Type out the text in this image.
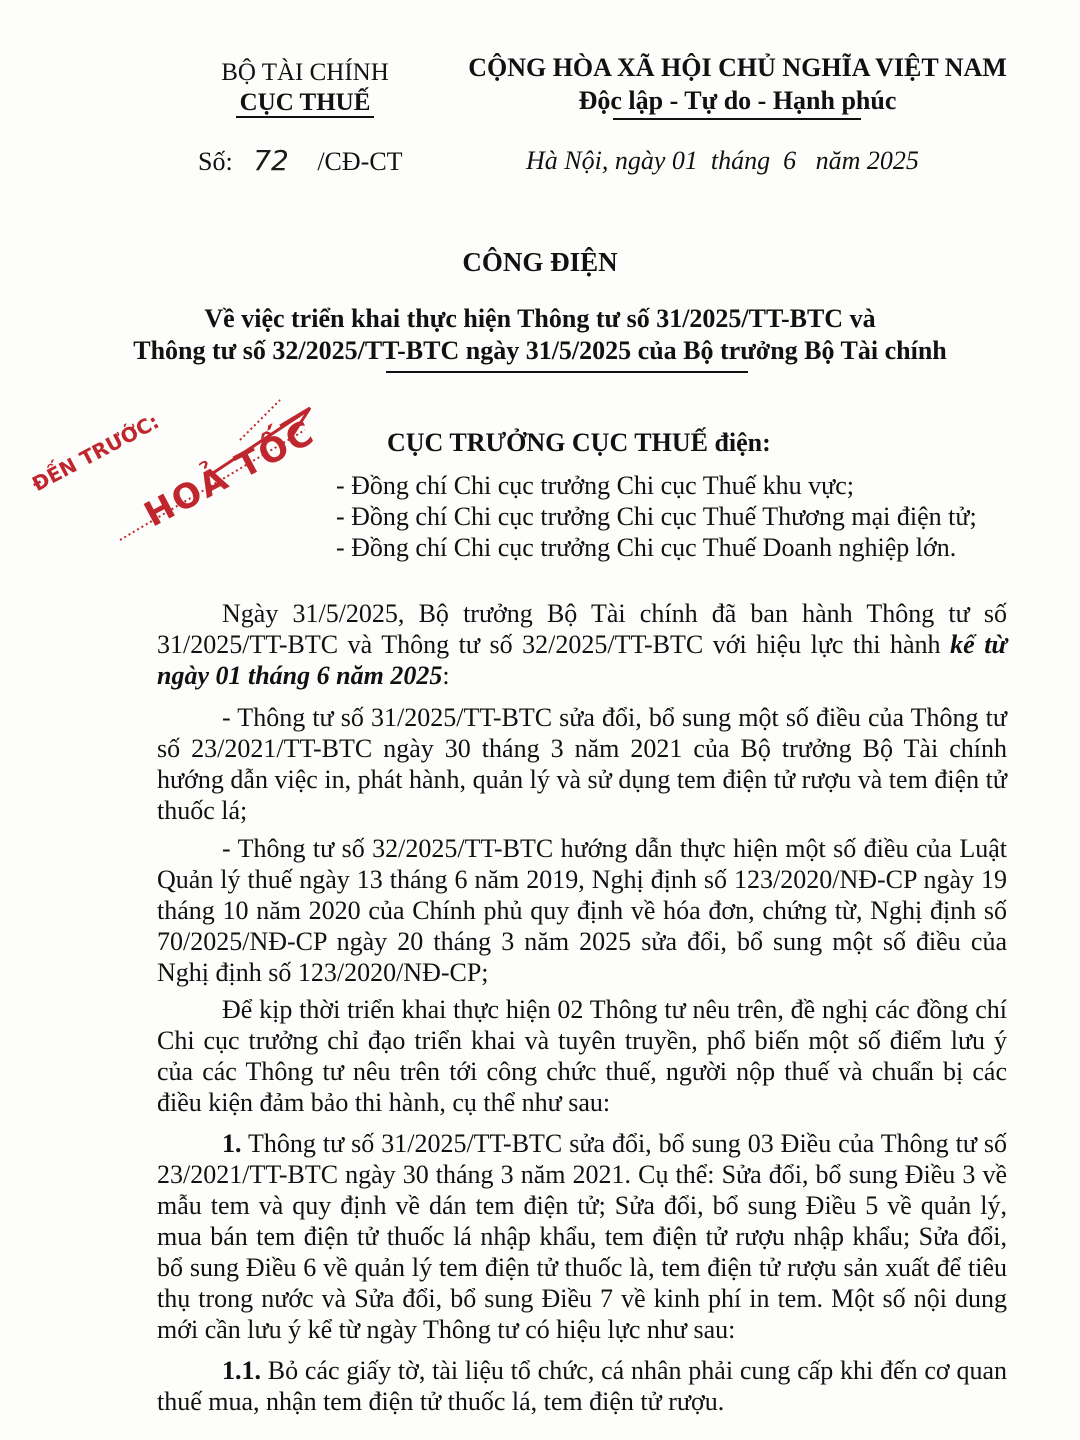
BỘ TÀI CHÍNH
CỤC THUẾ
CỘNG HÒA XÃ HỘI CHỦ NGHĨA VIỆT NAM
Độc lập - Tự do - Hạnh phúc
Số: 72 /CĐ-CT	Hà Nội, ngày 01  tháng  6   năm 2025
CÔNG ĐIỆN
Về việc triển khai thực hiện Thông tư số 31/2025/TT-BTC và
Thông tư số 32/2025/TT-BTC ngày 31/5/2025 của Bộ trưởng Bộ Tài chính
ĐẾN TRƯỚC:
HOẢ TỐC	CỤC TRƯỞNG CỤC THUẾ điện:
- Đồng chí Chi cục trưởng Chi cục Thuế khu vực;
- Đồng chí Chi cục trưởng Chi cục Thuế Thương mại điện tử;
- Đồng chí Chi cục trưởng Chi cục Thuế Doanh nghiệp lớn.
Ngày 31/5/2025, Bộ trưởng Bộ Tài chính đã ban hành Thông tư số 31/2025/TT-BTC và Thông tư số 32/2025/TT-BTC với hiệu lực thi hành kể từ ngày 01 tháng 6 năm 2025:
- Thông tư số 31/2025/TT-BTC sửa đổi, bổ sung một số điều của Thông tư số 23/2021/TT-BTC ngày 30 tháng 3 năm 2021 của Bộ trưởng Bộ Tài chính hướng dẫn việc in, phát hành, quản lý và sử dụng tem điện tử rượu và tem điện tử thuốc lá;
- Thông tư số 32/2025/TT-BTC hướng dẫn thực hiện một số điều của Luật Quản lý thuế ngày 13 tháng 6 năm 2019, Nghị định số 123/2020/NĐ-CP ngày 19 tháng 10 năm 2020 của Chính phủ quy định về hóa đơn, chứng từ, Nghị định số 70/2025/NĐ-CP ngày 20 tháng 3 năm 2025 sửa đổi, bổ sung một số điều của Nghị định số 123/2020/NĐ-CP;
Để kịp thời triển khai thực hiện 02 Thông tư nêu trên, đề nghị các đồng chí Chi cục trưởng chỉ đạo triển khai và tuyên truyền, phổ biến một số điểm lưu ý của các Thông tư nêu trên tới công chức thuế, người nộp thuế và chuẩn bị các điều kiện đảm bảo thi hành, cụ thể như sau:
1. Thông tư số 31/2025/TT-BTC sửa đổi, bổ sung 03 Điều của Thông tư số 23/2021/TT-BTC ngày 30 tháng 3 năm 2021. Cụ thể: Sửa đổi, bổ sung Điều 3 về mẫu tem và quy định về dán tem điện tử; Sửa đổi, bổ sung Điều 5 về quản lý, mua bán tem điện tử thuốc lá nhập khẩu, tem điện tử rượu nhập khẩu; Sửa đổi, bổ sung Điều 6 về quản lý tem điện tử thuốc là, tem điện tử rượu sản xuất để tiêu thụ trong nước và Sửa đổi, bổ sung Điều 7 về kinh phí in tem. Một số nội dung mới cần lưu ý kể từ ngày Thông tư có hiệu lực như sau:
1.1. Bỏ các giấy tờ, tài liệu tổ chức, cá nhân phải cung cấp khi đến cơ quan thuế mua, nhận tem điện tử thuốc lá, tem điện tử rượu.
